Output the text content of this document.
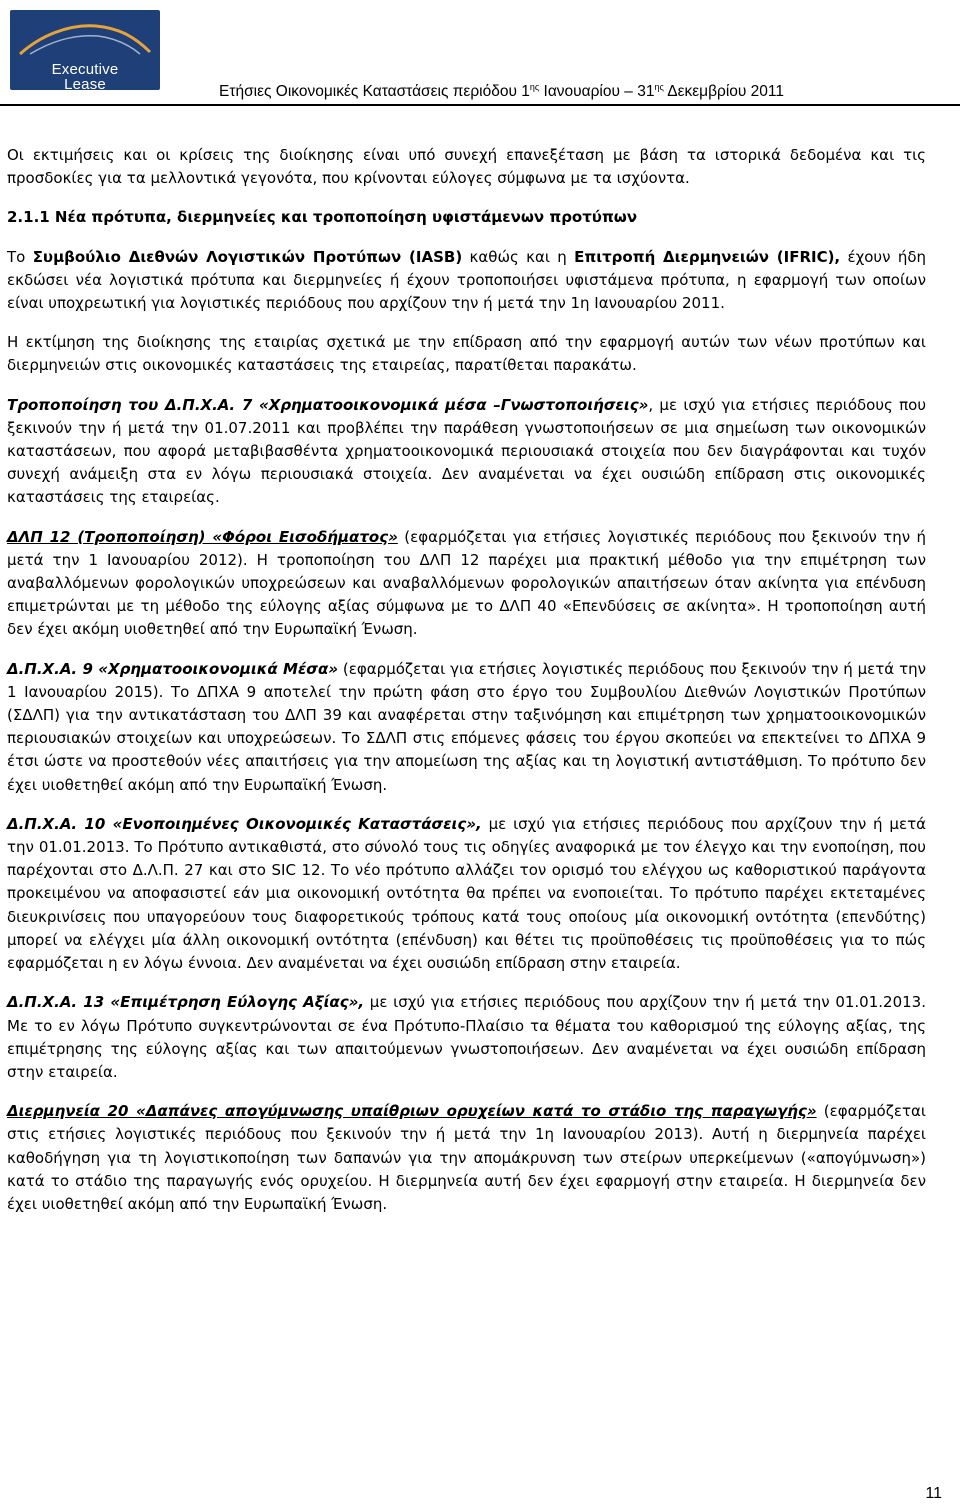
Executive
Lease	Ετήσιες Οικονομικές Καταστάσεις περιόδου $1^{\eta\varsigma}$ Ιανουαρίου – $31^{\eta\varsigma}$ Δεκεμβρίου 2011

Οι εκτιμήσεις και οι κρίσεις της διοίκησης είναι υπό συνεχή επανεξέταση με βάση τα ιστορικά δεδομένα και τις προσδοκίες για τα μελλοντικά γεγονότα, που κρίνονται εύλογες σύμφωνα με τα ισχύοντα.

2.1.1 Νέα πρότυπα, διερμηνείες και τροποποίηση υφιστάμενων προτύπων

Το Συμβούλιο Διεθνών Λογιστικών Προτύπων (IASB) καθώς και η Επιτροπή Διερμηνειών (IFRIC), έχουν ήδη εκδώσει νέα λογιστικά πρότυπα και διερμηνείες ή έχουν τροποποιήσει υφιστάμενα πρότυπα, η εφαρμογή των οποίων είναι υποχρεωτική για λογιστικές περιόδους που αρχίζουν την ή μετά την 1η Ιανουαρίου 2011.

Η εκτίμηση της διοίκησης της εταιρίας σχετικά με την επίδραση από την εφαρμογή αυτών των νέων προτύπων και διερμηνειών στις οικονομικές καταστάσεις της εταιρείας, παρατίθεται παρακάτω.

Τροποποίηση του Δ.Π.Χ.Α. 7 «Χρηματοοικονομικά μέσα –Γνωστοποιήσεις», με ισχύ για ετήσιες περιόδους που ξεκινούν την ή μετά την 01.07.2011 και προβλέπει την παράθεση γνωστοποιήσεων σε μια σημείωση των οικονομικών καταστάσεων, που αφορά μεταβιβασθέντα χρηματοοικονομικά περιουσιακά στοιχεία που δεν διαγράφονται και τυχόν συνεχή ανάμειξη στα εν λόγω περιουσιακά στοιχεία. Δεν αναμένεται να έχει ουσιώδη επίδραση στις οικονομικές καταστάσεις της εταιρείας.

ΔΛΠ 12 (Τροποποίηση) «Φόροι Εισοδήματος» (εφαρμόζεται για ετήσιες λογιστικές περιόδους που ξεκινούν την ή μετά την 1 Ιανουαρίου 2012). Η τροποποίηση του ΔΛΠ 12 παρέχει μια πρακτική μέθοδο για την επιμέτρηση των αναβαλλόμενων φορολογικών υποχρεώσεων και αναβαλλόμενων φορολογικών απαιτήσεων όταν ακίνητα για επένδυση επιμετρώνται με τη μέθοδο της εύλογης αξίας σύμφωνα με το ΔΛΠ 40 «Επενδύσεις σε ακίνητα». Η τροποποίηση αυτή δεν έχει ακόμη υιοθετηθεί από την Ευρωπαϊκή Ένωση.

Δ.Π.Χ.Α. 9 «Χρηματοοικονομικά Μέσα» (εφαρμόζεται για ετήσιες λογιστικές περιόδους που ξεκινούν την ή μετά την 1 Ιανουαρίου 2015). Το ΔΠΧΑ 9 αποτελεί την πρώτη φάση στο έργο του Συμβουλίου Διεθνών Λογιστικών Προτύπων (ΣΔΛΠ) για την αντικατάσταση του ΔΛΠ 39 και αναφέρεται στην ταξινόμηση και επιμέτρηση των χρηματοοικονομικών περιουσιακών στοιχείων και υποχρεώσεων. Το ΣΔΛΠ στις επόμενες φάσεις του έργου σκοπεύει να επεκτείνει το ΔΠΧΑ 9 έτσι ώστε να προστεθούν νέες απαιτήσεις για την απομείωση της αξίας και τη λογιστική αντιστάθμιση. Το πρότυπο δεν έχει υιοθετηθεί ακόμη από την Ευρωπαϊκή Ένωση.

Δ.Π.Χ.Α. 10 «Ενοποιημένες Οικονομικές Καταστάσεις», με ισχύ για ετήσιες περιόδους που αρχίζουν την ή μετά την 01.01.2013. Το Πρότυπο αντικαθιστά, στο σύνολό τους τις οδηγίες αναφορικά με τον έλεγχο και την ενοποίηση, που παρέχονται στο Δ.Λ.Π. 27 και στο SIC 12. Το νέο πρότυπο αλλάζει τον ορισμό του ελέγχου ως καθοριστικού παράγοντα προκειμένου να αποφασιστεί εάν μια οικονομική οντότητα θα πρέπει να ενοποιείται. Το πρότυπο παρέχει εκτεταμένες διευκρινίσεις που υπαγορεύουν τους διαφορετικούς τρόπους κατά τους οποίους μία οικονομική οντότητα (επενδύτης) μπορεί να ελέγχει μία άλλη οικονομική οντότητα (επένδυση) και θέτει τις προϋποθέσεις τις προϋποθέσεις για το πώς εφαρμόζεται η εν λόγω έννοια. Δεν αναμένεται να έχει ουσιώδη επίδραση στην εταιρεία.

Δ.Π.Χ.Α. 13 «Επιμέτρηση Εύλογης Αξίας», με ισχύ για ετήσιες περιόδους που αρχίζουν την ή μετά την 01.01.2013. Με το εν λόγω Πρότυπο συγκεντρώνονται σε ένα Πρότυπο-Πλαίσιο τα θέματα του καθορισμού της εύλογης αξίας, της επιμέτρησης της εύλογης αξίας και των απαιτούμενων γνωστοποιήσεων. Δεν αναμένεται να έχει ουσιώδη επίδραση στην εταιρεία.

Διερμηνεία 20 «Δαπάνες απογύμνωσης υπαίθριων ορυχείων κατά το στάδιο της παραγωγής» (εφαρμόζεται στις ετήσιες λογιστικές περιόδους που ξεκινούν την ή μετά την 1η Ιανουαρίου 2013). Αυτή η διερμηνεία παρέχει καθοδήγηση για τη λογιστικοποίηση των δαπανών για την απομάκρυνση των στείρων υπερκείμενων («απογύμνωση») κατά το στάδιο της παραγωγής ενός ορυχείου. Η διερμηνεία αυτή δεν έχει εφαρμογή στην εταιρεία. Η διερμηνεία δεν έχει υιοθετηθεί ακόμη από την Ευρωπαϊκή Ένωση.

11
